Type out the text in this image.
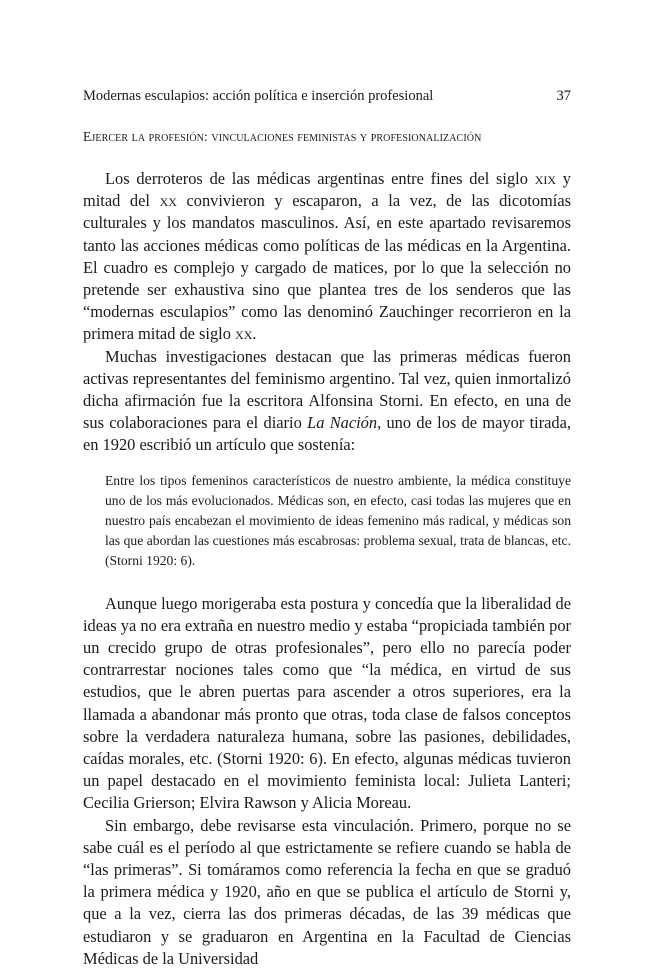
Modernas esculapios: acción política e inserción profesional	37
Ejercer la profesión: vinculaciones feministas y profesionalización

Los derroteros de las médicas argentinas entre fines del siglo xix y mitad del xx convivieron y escaparon, a la vez, de las dicotomías culturales y los mandatos masculinos. Así, en este apartado revisaremos tanto las acciones médicas como políticas de las médicas en la Argentina. El cuadro es complejo y cargado de matices, por lo que la selección no pretende ser exhaustiva sino que plantea tres de los senderos que las “modernas esculapios” como las denominó Zauchinger recorrieron en la primera mitad de siglo xx.

Muchas investigaciones destacan que las primeras médicas fueron activas representantes del feminismo argentino. Tal vez, quien inmortalizó dicha afirmación fue la escritora Alfonsina Storni. En efecto, en una de sus colaboraciones para el diario La Nación, uno de los de mayor tirada, en 1920 escribió un artículo que sostenía:

Entre los tipos femeninos característicos de nuestro ambiente, la médica constituye uno de los más evolucionados. Médicas son, en efecto, casi todas las mujeres que en nuestro país encabezan el movimiento de ideas femenino más radical, y médicas son las que abordan las cuestiones más escabrosas: problema sexual, trata de blancas, etc. (Storni 1920: 6).

Aunque luego morigeraba esta postura y concedía que la liberalidad de ideas ya no era extraña en nuestro medio y estaba “propiciada también por un crecido grupo de otras profesionales”, pero ello no parecía poder contrarrestar nociones tales como que “la médica, en virtud de sus estudios, que le abren puertas para ascender a otros superiores, era la llamada a abandonar más pronto que otras, toda clase de falsos conceptos sobre la verdadera naturaleza humana, sobre las pasiones, debilidades, caídas morales, etc. (Storni 1920: 6). En efecto, algunas médicas tuvieron un papel destacado en el movimiento feminista local: Julieta Lanteri; Cecilia Grierson; Elvira Rawson y Alicia Moreau.

Sin embargo, debe revisarse esta vinculación. Primero, porque no se sabe cuál es el período al que estrictamente se refiere cuando se habla de “las primeras”. Si tomáramos como referencia la fecha en que se graduó la primera médica y 1920, año en que se publica el artículo de Storni y, que a la vez, cierra las dos primeras décadas, de las 39 médicas que estudiaron y se graduaron en Argentina en la Facultad de Ciencias Médicas de la Universidad
